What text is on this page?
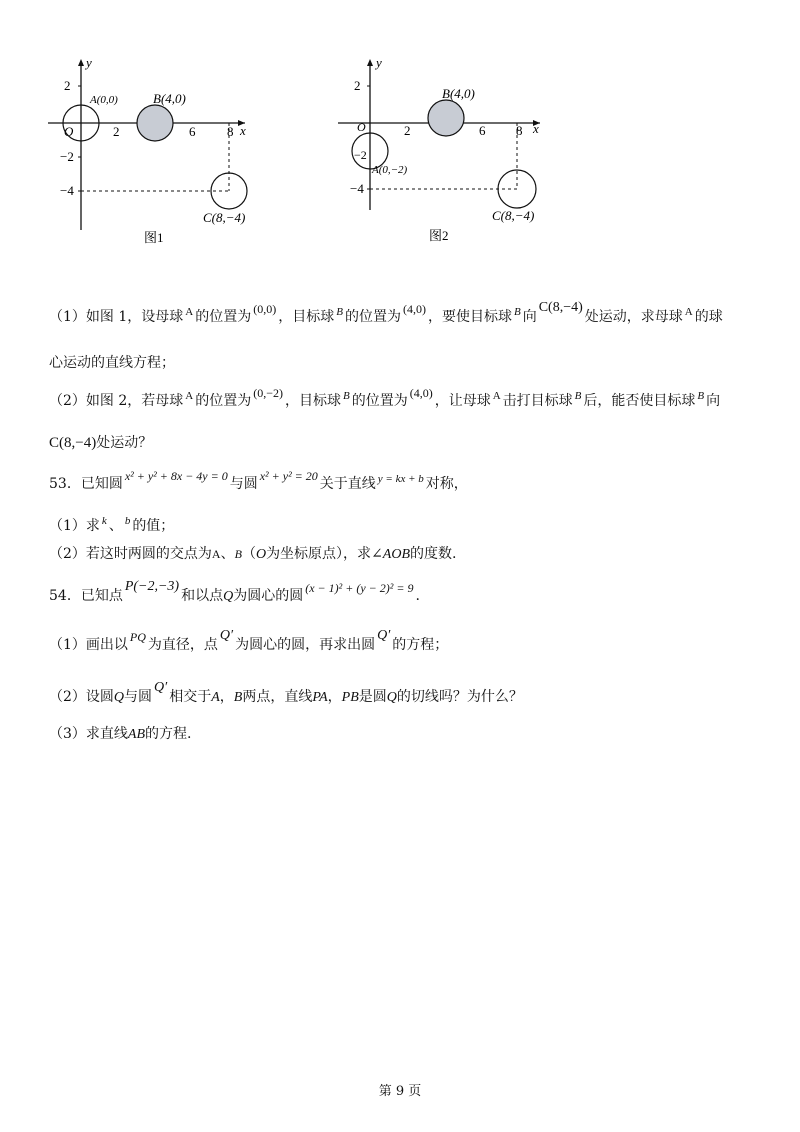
x
y
2
−2
−4
2	6 8
O
A(0,0)	B(4,0)
C(8,−4)
图1
x
y
2
−2
−4
2	6 8
O
A(0,−2)
B(4,0)
C(8,−4)
图2
（1）如图 1，设母球 $^A$ 的位置为 (0,0) ，目标球 $^B$ 的位置为 (4,0) ，要使目标球 $^B$ 向C(8,−4)处运动，求母球 $^A$ 的球
心运动的直线方程；
（2）如图 2，若母球 $^A$ 的位置为 (0,−2) ，目标球 $^B$ 的位置为 (4,0) ，让母球 $^A$ 击打目标球 $^B$ 后，能否使目标球 $^B$ 向
C(8,−4)处运动？
53．已知圆 x² + y² + 8x − 4y = 0 与圆 x² + y² = 20 关于直线 $^{y = kx + b}$ 对称，
（1）求 $^k$ 、 $^b$ 的值；
（2）若这时两圆的交点为A、B（O为坐标原点），求∠AOB的度数.
54．已知点P(−2,−3)和以点Q为圆心的圆 (x − 1)² + (y − 2)² = 9 .
（1）画出以 PQ 为直径，点Q′为圆心的圆，再求出圆Q′的方程；
（2）设圆Q与圆Q′相交于A，B两点，直线PA，PB是圆Q的切线吗？为什么？
（3）求直线AB的方程.
第 9 页
